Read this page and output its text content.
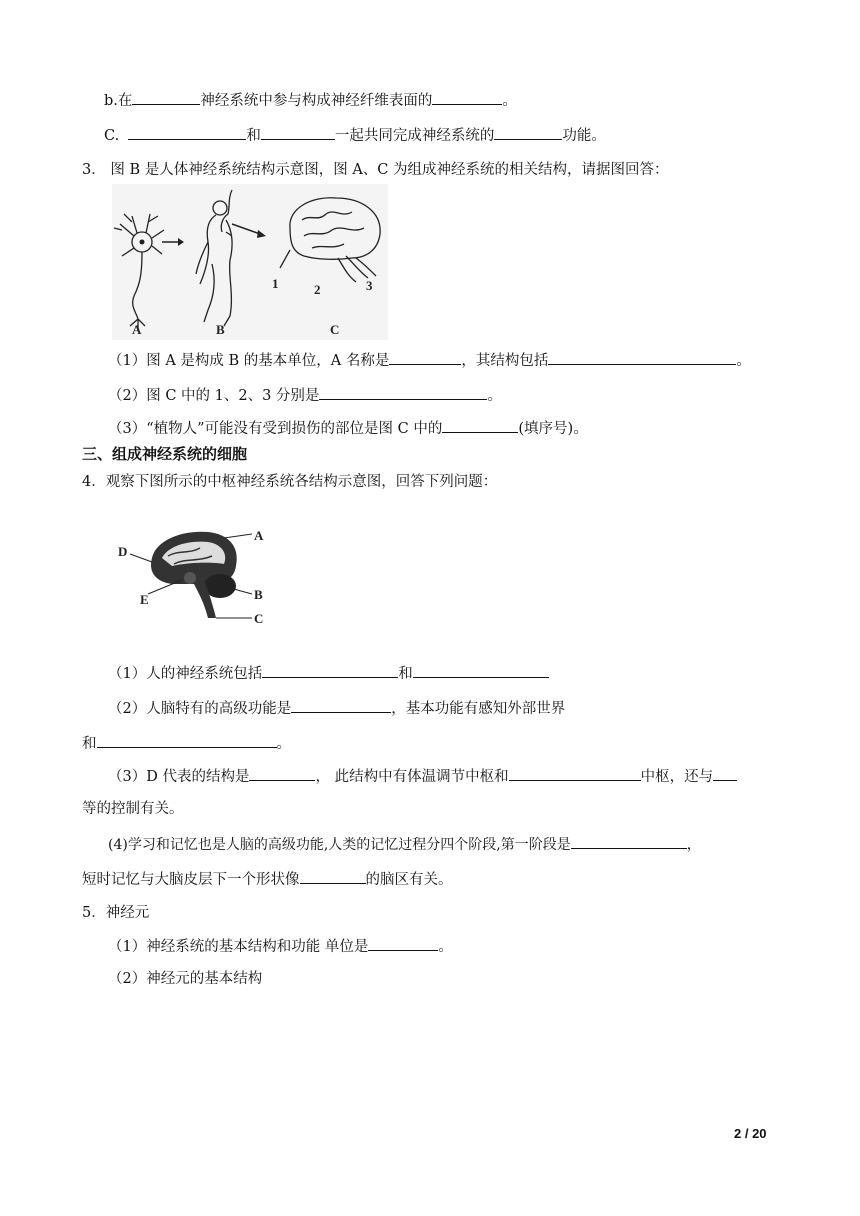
b.在	神经系统中参与构成神经纤维表面的	。
C.	和	一起共同完成神经系统的	功能。
3． 图 B 是人体神经系统结构示意图，图 A、C 为组成神经系统的相关结构，请据图回答：
A	B	C
1	2	3
（1）图 A 是构成 B 的基本单位，A 名称是	，其结构包括	。
（2）图 C 中的 1、2、3 分别是	。
（3）“植物人”可能没有受到损伤的部位是图 C 中的	(填序号)。
三、组成神经系统的细胞
4．观察下图所示的中枢神经系统各结构示意图，回答下列问题：
A
B
C
D
E
（1）人的神经系统包括	和
（2）人脑特有的高级功能是	，基本功能有感知外部世界
和	。
（3）D 代表的结构是	， 此结构中有体温调节中枢和	中枢，还与
等的控制有关。
(4)学习和记忆也是人脑的高级功能,人类的记忆过程分四个阶段,第一阶段是	，
短时记忆与大脑皮层下一个形状像	的脑区有关。
5．神经元
（1）神经系统的基本结构和功能 单位是	。
（2）神经元的基本结构
2 / 20
